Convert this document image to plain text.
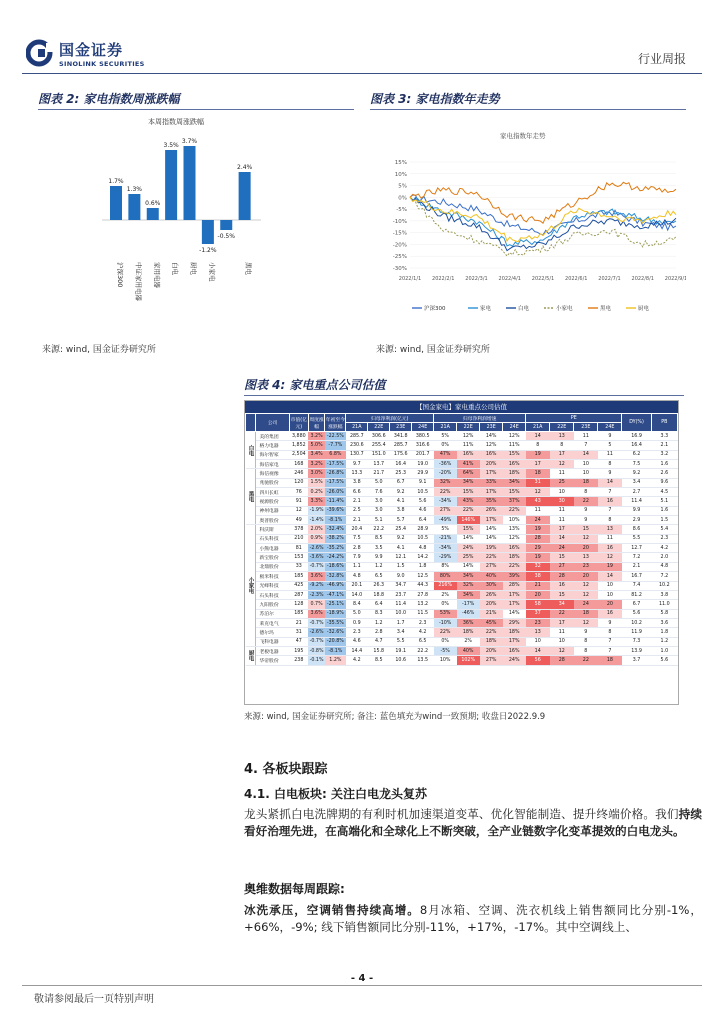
国金证券
SINOLINK SECURITIES	行业周报
图表 2: 家电指数周涨跌幅
本周指数周涨跌幅
1.7%
沪深300
1.3%
中证家用电器
0.6%
家用电器
3.5%
白电
3.7%
厨电
-1.2%
小家电
-0.5%
2.4%
黑电
来源: wind, 国金证券研究所
图表 3: 家电指数年走势
家电指数年走势
15%
10%
5%
0%
-5%
-10%
-15%
-20%
-25%
-30%
2022/1/1 2022/2/1 2022/3/1 2022/4/1 2022/5/1 2022/6/1 2022/7/1 2022/8/1 2022/9/1
沪深300	家电	白电	小家电	黑电	厨电
来源: wind, 国金证券研究所
图表 4: 家电重点公司估值
【国金家电】家电重点公司估值
	公司	市值(亿元)	周度涨幅	年初至今涨跌幅	归母净利润(亿元)				归母净利润增速				PE				DY(%)	PB
					21A	22E	23E	24E	21A	22E	23E	24E	21A	22E	23E	24E		
白电	美的集团	3,880	3.2%	-22.5%	285.7	306.6	341.8	380.5	5%	12%	14%	12%	14	13	11	9	16.9	3.3
	格力电器	1,852	5.0%	-7.7%	230.6	255.4	285.7	316.6	0%	11%	12%	11%	8	8	7	5	16.4	2.1
	海尔智家	2,504	3.4%	6.8%	130.7	151.0	175.6	201.7	47%	16%	16%	15%	19	17	14	11	6.2	3.2
	海信家电	168	3.2%	-17.5%	9.7	13.7	16.4	19.0	-36%	41%	20%	16%	17	12	10	8	7.5	1.6
黑电	海信视像	246	3.0%	-26.8%	13.3	21.7	25.3	29.9	-20%	64%	17%	18%	18	11	10	9	9.2	2.6
	兆驰股份	120	1.5%	-17.5%	3.8	5.0	6.7	9.1	32%	34%	33%	34%	31	25	18	14	3.4	9.6
	四川长虹	76	0.2%	-26.0%	6.6	7.6	9.2	10.5	22%	15%	17%	15%	12	10	8	7	2.7	4.5
	视源股份	91	3.3%	-11.4%	2.1	3.0	4.1	5.6	-34%	43%	35%	37%	43	30	22	16	11.4	5.1
	神州电器	12	-1.9%	-39.6%	2.5	3.0	3.8	4.6	27%	22%	26%	22%	11	11	9	7	9.9	1.6
	奥普股份	49	-1.4%	-8.1%	2.1	5.1	5.7	6.4	-49%	146%	17%	10%	24	11	9	8	2.9	1.5
小家电	科沃斯	378	2.0%	-32.4%	20.4	22.2	25.4	28.9	5%	15%	14%	13%	19	17	15	13	8.6	5.4
	石头科技	210	0.9%	-38.2%	7.5	8.5	9.2	10.5	-21%	14%	14%	12%	28	14	12	11	5.5	2.3
	小熊电器	81	-2.6%	-35.2%	2.8	3.5	4.1	4.8	-34%	24%	19%	16%	29	24	20	16	12.7	4.2
	新宝股份	153	-3.6%	-24.2%	7.9	9.9	12.1	14.2	-29%	25%	22%	18%	19	15	13	12	7.2	2.0
	北鼎股份	33	-0.7%	-18.6%	1.1	1.2	1.5	1.8	8%	14%	27%	22%	32	27	23	19	2.1	4.8
	极米科技	185	3.6%	-32.8%	4.8	6.5	9.0	12.5	80%	34%	40%	39%	38	28	20	14	16.7	7.2
	光峰科技	425	-9.2%	-46.9%	20.1	26.3	34.7	44.3	216%	32%	30%	28%	21	16	12	10	7.4	10.2
	石头科技	287	-2.3%	-47.1%	14.0	18.8	23.7	27.8	2%	34%	26%	17%	20	15	12	10	81.2	3.8
	九阳股份	128	0.7%	-25.1%	8.4	6.4	11.4	13.2	0%	-17%	20%	17%	58	34	24	20	6.7	11.0
	苏泊尔	185	3.6%	-18.9%	5.0	8.3	10.0	11.5	53%	-46%	21%	14%	37	22	18	16	5.6	5.8
	莱克电气	21	-0.7%	-35.5%	0.9	1.2	1.7	2.3	-10%	36%	45%	29%	23	17	12	9	10.2	3.6
	德尔玛	31	-2.6%	-32.6%	2.3	2.8	3.4	4.2	22%	18%	22%	18%	13	11	9	8	11.9	1.8
	飞科电器	47	-0.7%	-20.8%	4.6	4.7	5.5	6.5	0%	2%	18%	17%	10	10	8	7	7.3	1.2
厨电	老板电器	195	-0.8%	-8.1%	14.4	15.8	19.1	22.2	-5%	40%	20%	16%	14	12	8	7	13.9	1.0
	华帝股份	238	-0.1%	1.2%	4.2	8.5	10.6	13.5	10%	102%	27%	24%	56	28	22	18	3.7	5.6
来源: wind, 国金证券研究所; 备注: 蓝色填充为wind一致预期; 收盘日2022.9.9
4. 各板块跟踪
4.1. 白电板块: 关注白电龙头复苏
龙头紧抓白电洗牌期的有利时机加速渠道变革、优化智能制造、提升终端价格。我们持续看好治理先进，在高端化和全球化上不断突破，全产业链数字化变革提效的白电龙头。
奥维数据每周跟踪:
冰洗承压，空调销售持续高增。8月冰箱、空调、洗衣机线上销售额同比分别-1%，+66%，-9%; 线下销售额同比分别-11%，+17%，-17%。其中空调线上、
- 4 -
敬请参阅最后一页特别声明
